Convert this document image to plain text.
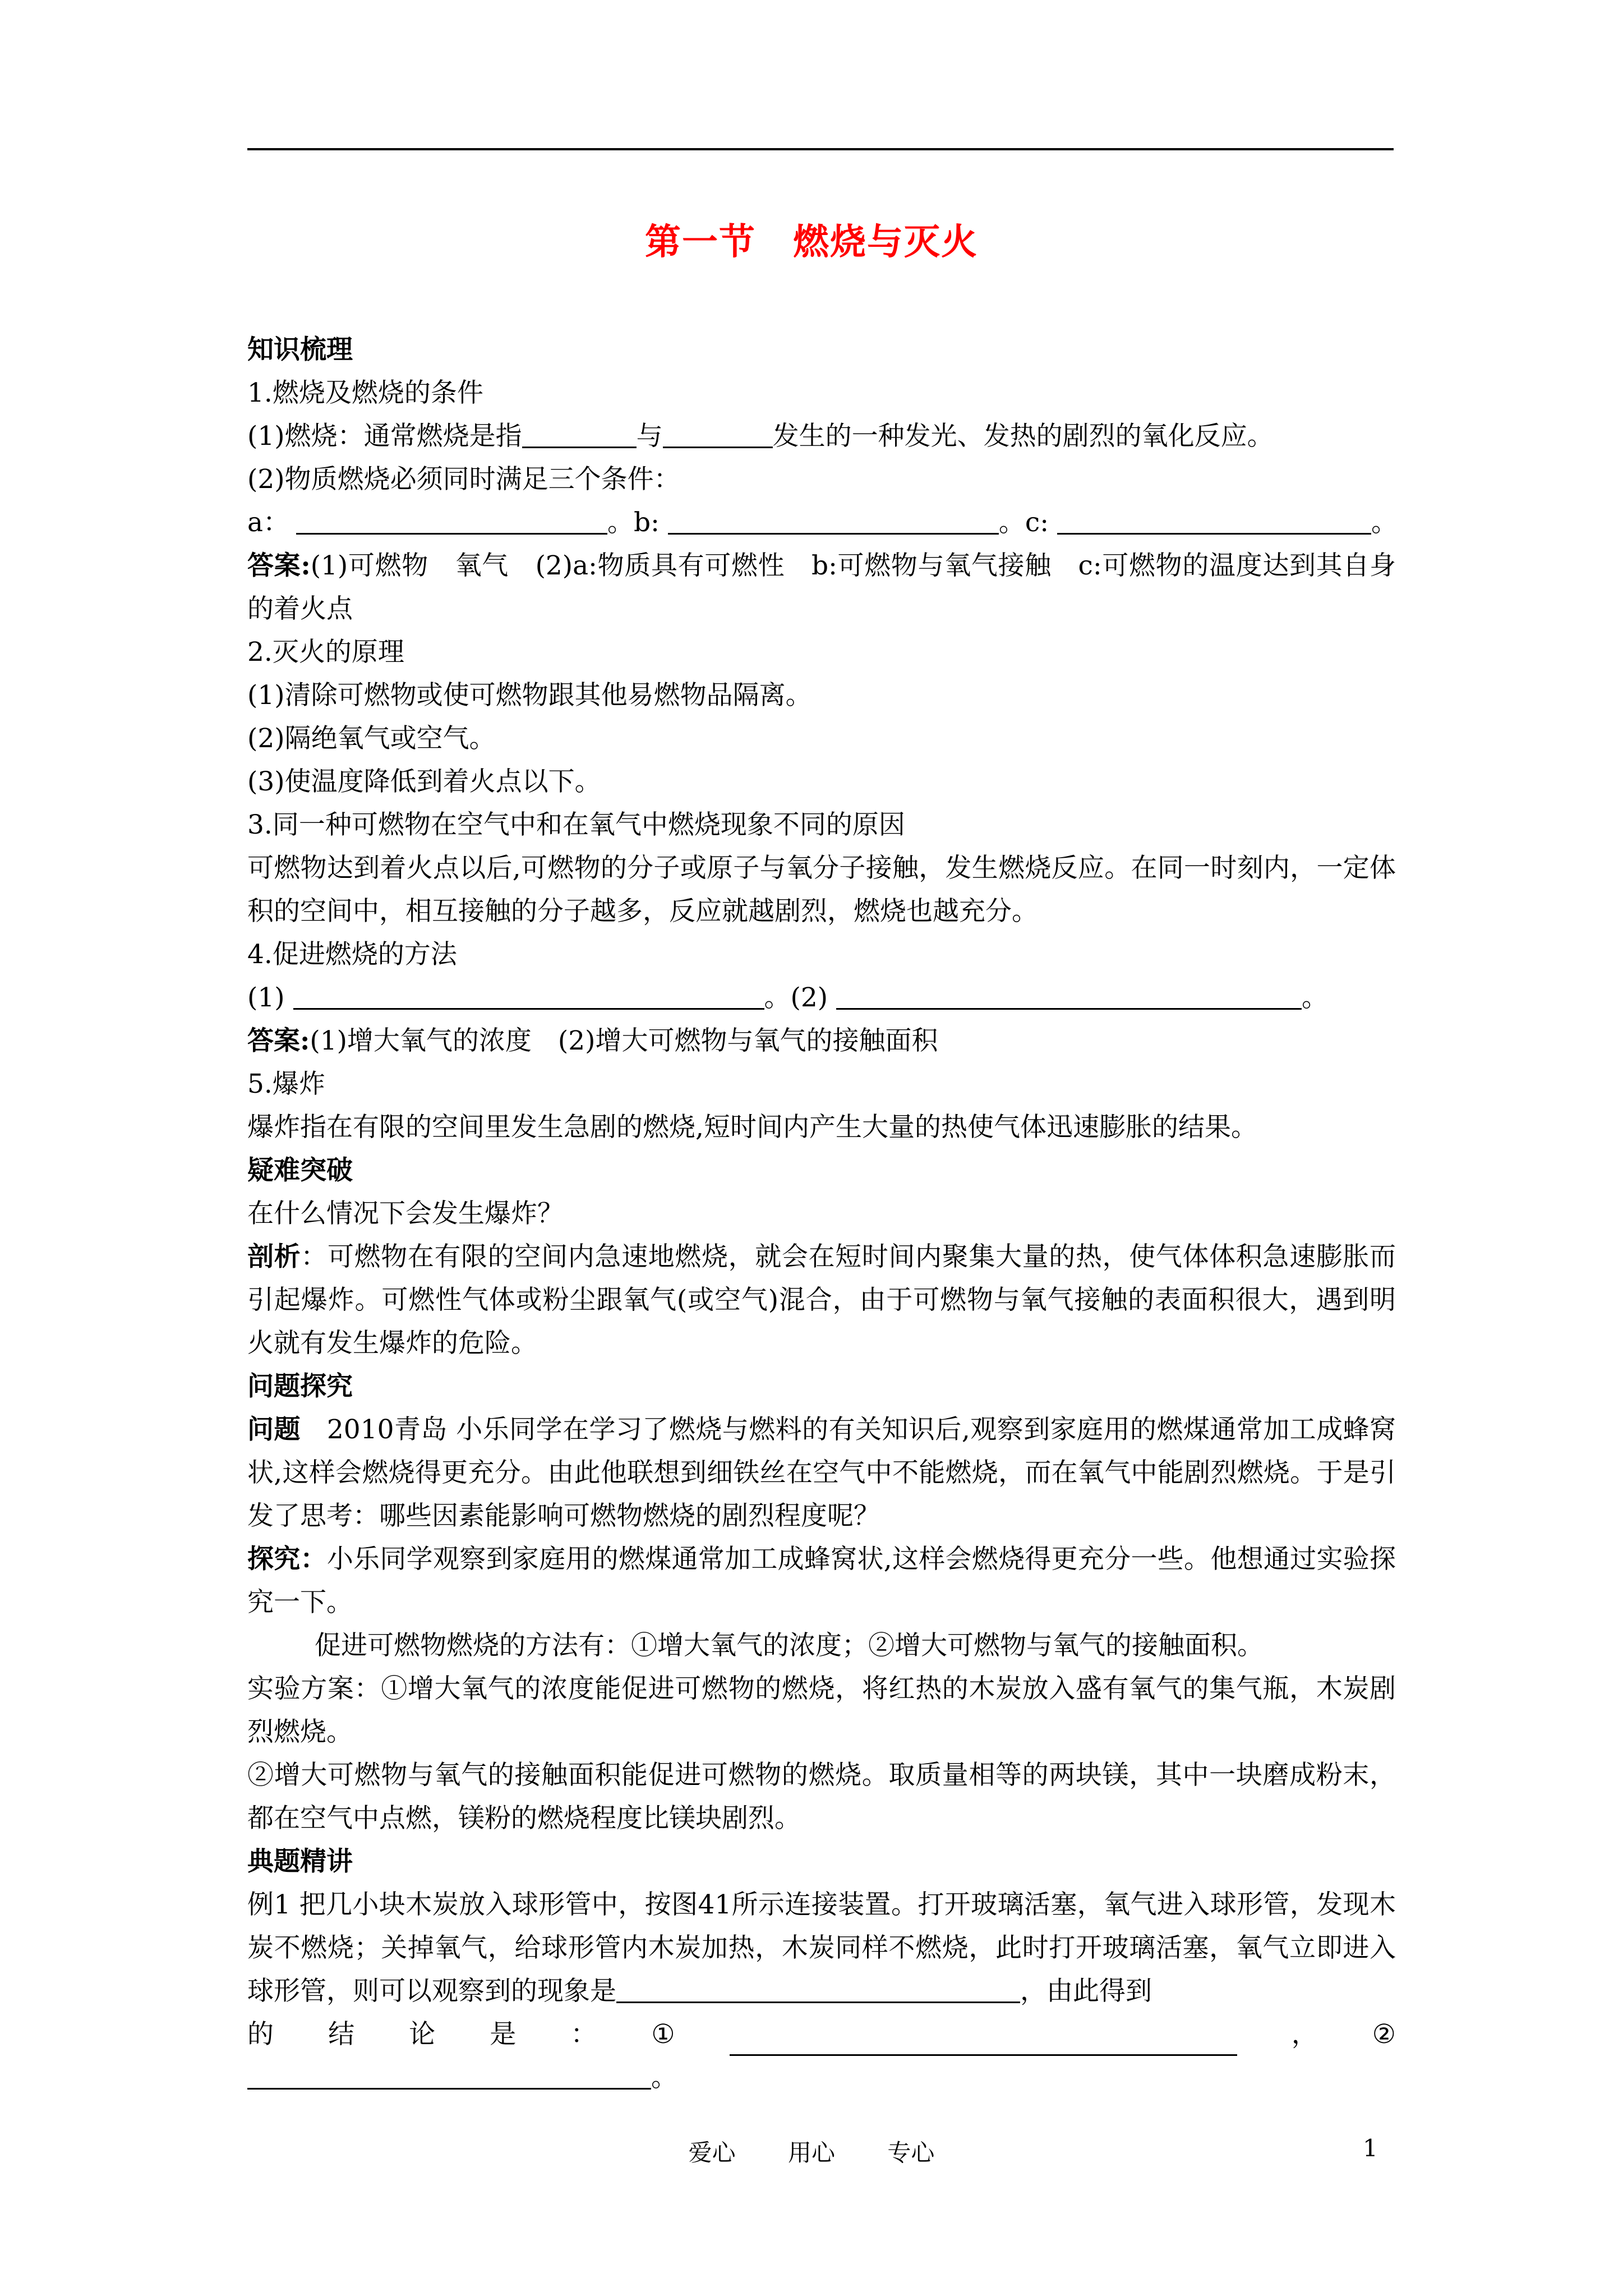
第一节　燃烧与灭火
知识梳理
1.燃烧及燃烧的条件
(1)燃烧：通常燃烧是指	与	发生的一种发光、发热的剧烈的氧化反应。
(2)物质燃烧必须同时满足三个条件：
a：	。b:	。c:	。
答案:(1)可燃物　氧气　(2)a:物质具有可燃性　b:可燃物与氧气接触　c:可燃物的温度达到其自身的着火点
2.灭火的原理
(1)清除可燃物或使可燃物跟其他易燃物品隔离。
(2)隔绝氧气或空气。
(3)使温度降低到着火点以下。
3.同一种可燃物在空气中和在氧气中燃烧现象不同的原因
可燃物达到着火点以后,可燃物的分子或原子与氧分子接触，发生燃烧反应。在同一时刻内，一定体积的空间中，相互接触的分子越多，反应就越剧烈，燃烧也越充分。
4.促进燃烧的方法
(1)	。(2)	。
答案:(1)增大氧气的浓度　(2)增大可燃物与氧气的接触面积
5.爆炸
爆炸指在有限的空间里发生急剧的燃烧,短时间内产生大量的热使气体迅速膨胀的结果。
疑难突破
在什么情况下会发生爆炸？
剖析：可燃物在有限的空间内急速地燃烧，就会在短时间内聚集大量的热，使气体体积急速膨胀而引起爆炸。可燃性气体或粉尘跟氧气(或空气)混合，由于可燃物与氧气接触的表面积很大，遇到明火就有发生爆炸的危险。
问题探究
问题  2010青岛 小乐同学在学习了燃烧与燃料的有关知识后,观察到家庭用的燃煤通常加工成蜂窝状,这样会燃烧得更充分。由此他联想到细铁丝在空气中不能燃烧，而在氧气中能剧烈燃烧。于是引发了思考：哪些因素能影响可燃物燃烧的剧烈程度呢？
探究：小乐同学观察到家庭用的燃煤通常加工成蜂窝状,这样会燃烧得更充分一些。他想通过实验探究一下。
促进可燃物燃烧的方法有：①增大氧气的浓度；②增大可燃物与氧气的接触面积。
实验方案：①增大氧气的浓度能促进可燃物的燃烧，将红热的木炭放入盛有氧气的集气瓶，木炭剧烈燃烧。
②增大可燃物与氧气的接触面积能促进可燃物的燃烧。取质量相等的两块镁，其中一块磨成粉末，都在空气中点燃，镁粉的燃烧程度比镁块剧烈。
典题精讲
例1 把几小块木炭放入球形管中，按图41所示连接装置。打开玻璃活塞，氧气进入球形管，发现木炭不燃烧；关掉氧气，给球形管内木炭加热，木炭同样不燃烧，此时打开玻璃活塞，氧气立即进入球形管，则可以观察到的现象是	，由此得到
的 结 论 是 ： ①	， ②
。
爱心 用心 专心	1
